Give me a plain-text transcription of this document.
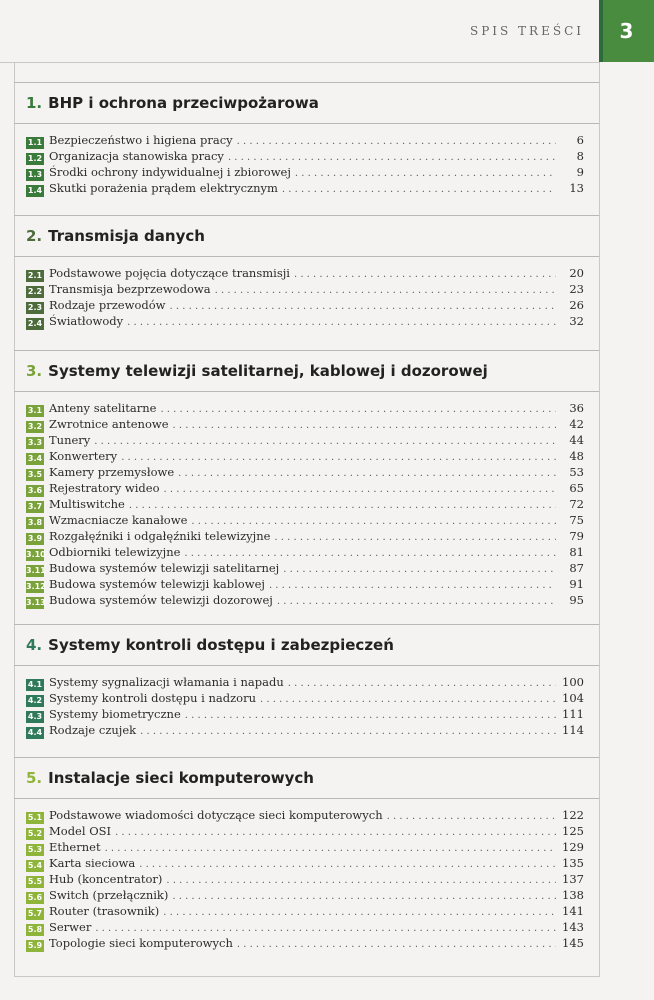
SPIS TREŚCI 3
1. BHP i ochrona przeciwpożarowa
1.1 Bezpieczeństwo i higiena pracy . . .	6
1.2 Organizacja stanowiska pracy . . .	8
1.3 Środki ochrony indywidualnej i zbiorowej . . .	9
1.4 Skutki porażenia prądem elektrycznym . . .	13
2. Transmisja danych
2.1 Podstawowe pojęcia dotyczące transmisji . . .	20
2.2 Transmisja bezprzewodowa . . .	23
2.3 Rodzaje przewodów . . .	26
2.4 Światłowody . . .	32
3. Systemy telewizji satelitarnej, kablowej i dozorowej
3.1 Anteny satelitarne . . .	36
3.2 Zwrotnice antenowe . . .	42
3.3 Tunery . . .	44
3.4 Konwertery . . .	48
3.5 Kamery przemysłowe . . .	53
3.6 Rejestratory wideo . . .	65
3.7 Multiswitche . . .	72
3.8 Wzmacniacze kanałowe . . .	75
3.9 Rozgałęźniki i odgałęźniki telewizyjne . . .	79
3.10 Odbiorniki telewizyjne . . .	81
3.11 Budowa systemów telewizji satelitarnej . . .	87
3.12 Budowa systemów telewizji kablowej . . .	91
3.13 Budowa systemów telewizji dozorowej . . .	95
4. Systemy kontroli dostępu i zabezpieczeń
4.1 Systemy sygnalizacji włamania i napadu . . .	100
4.2 Systemy kontroli dostępu i nadzoru . . .	104
4.3 Systemy biometryczne . . .	111
4.4 Rodzaje czujek . . .	114
5. Instalacje sieci komputerowych
5.1 Podstawowe wiadomości dotyczące sieci komputerowych . . .	122
5.2 Model OSI . . .	125
5.3 Ethernet . . .	129
5.4 Karta sieciowa . . .	135
5.5 Hub (koncentrator) . . .	137
5.6 Switch (przełącznik) . . .	138
5.7 Router (trasownik) . . .	141
5.8 Serwer . . .	143
5.9 Topologie sieci komputerowych . . .	145
